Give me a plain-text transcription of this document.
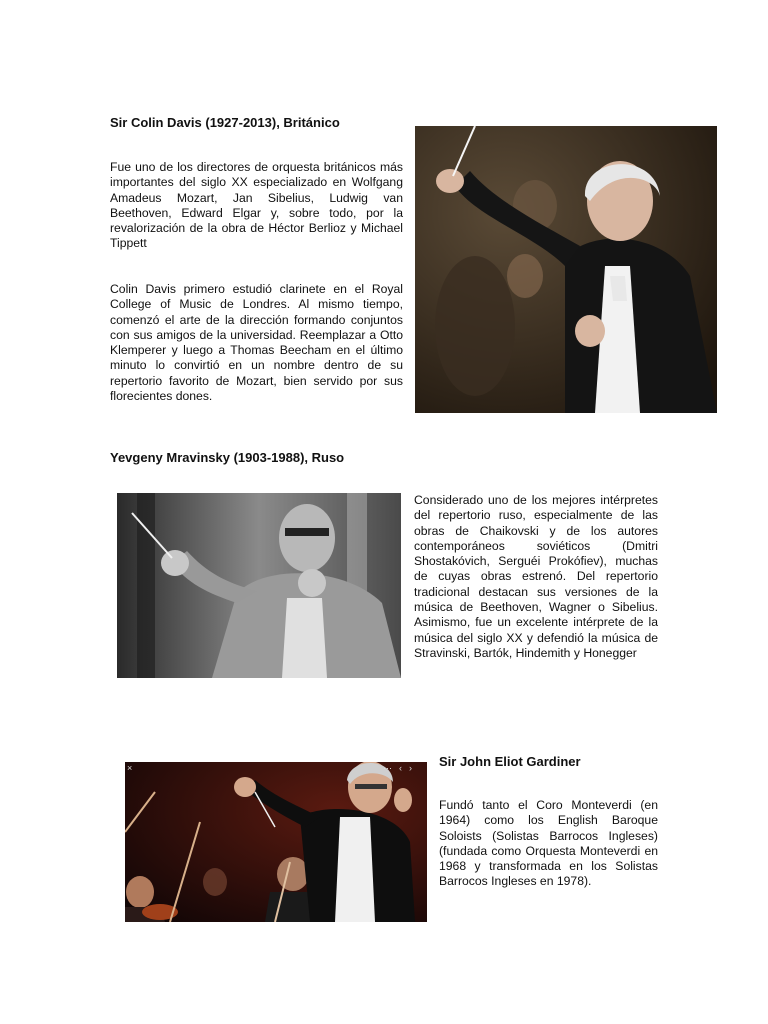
Sir Colin Davis (1927-2013), Británico

Fue uno de los directores de orquesta británicos más importantes del siglo XX especializado en Wolfgang Amadeus Mozart, Jan Sibelius, Ludwig van Beethoven, Edward Elgar y, sobre todo, por la revalorización de la obra de Héctor Berlioz y Michael Tippett

Colin Davis primero estudió clarinete en el Royal College of Music de Londres. Al mismo tiempo, comenzó el arte de la dirección formando conjuntos con sus amigos de la universidad. Reemplazar a Otto Klemperer y luego a Thomas Beecham en el último minuto lo convirtió en un nombre dentro de su repertorio favorito de Mozart, bien servido por sus florecientes dones.

Yevgeny Mravinsky (1903-1988), Ruso

Considerado uno de los mejores intérpretes del repertorio ruso, especialmente de las obras de Chaikovski y de los autores contemporáneos soviéticos (Dmitri Shostakóvich, Serguéi Prokófiev), muchas de cuyas obras estrenó. Del repertorio tradicional destacan sus versiones de la música de Beethoven, Wagner o Sibelius. Asimismo, fue un excelente intérprete de la música del siglo XX y defendió la música de Stravinski, Bartók, Hindemith y Honegger

Sir John Eliot Gardiner
×	‹ ›
⋯

Fundó tanto el Coro Monteverdi (en 1964) como los English Baroque Soloists (Solistas Barrocos Ingleses) (fundada como Orquesta Monteverdi en 1968 y transformada en los Solistas Barrocos Ingleses en 1978).
